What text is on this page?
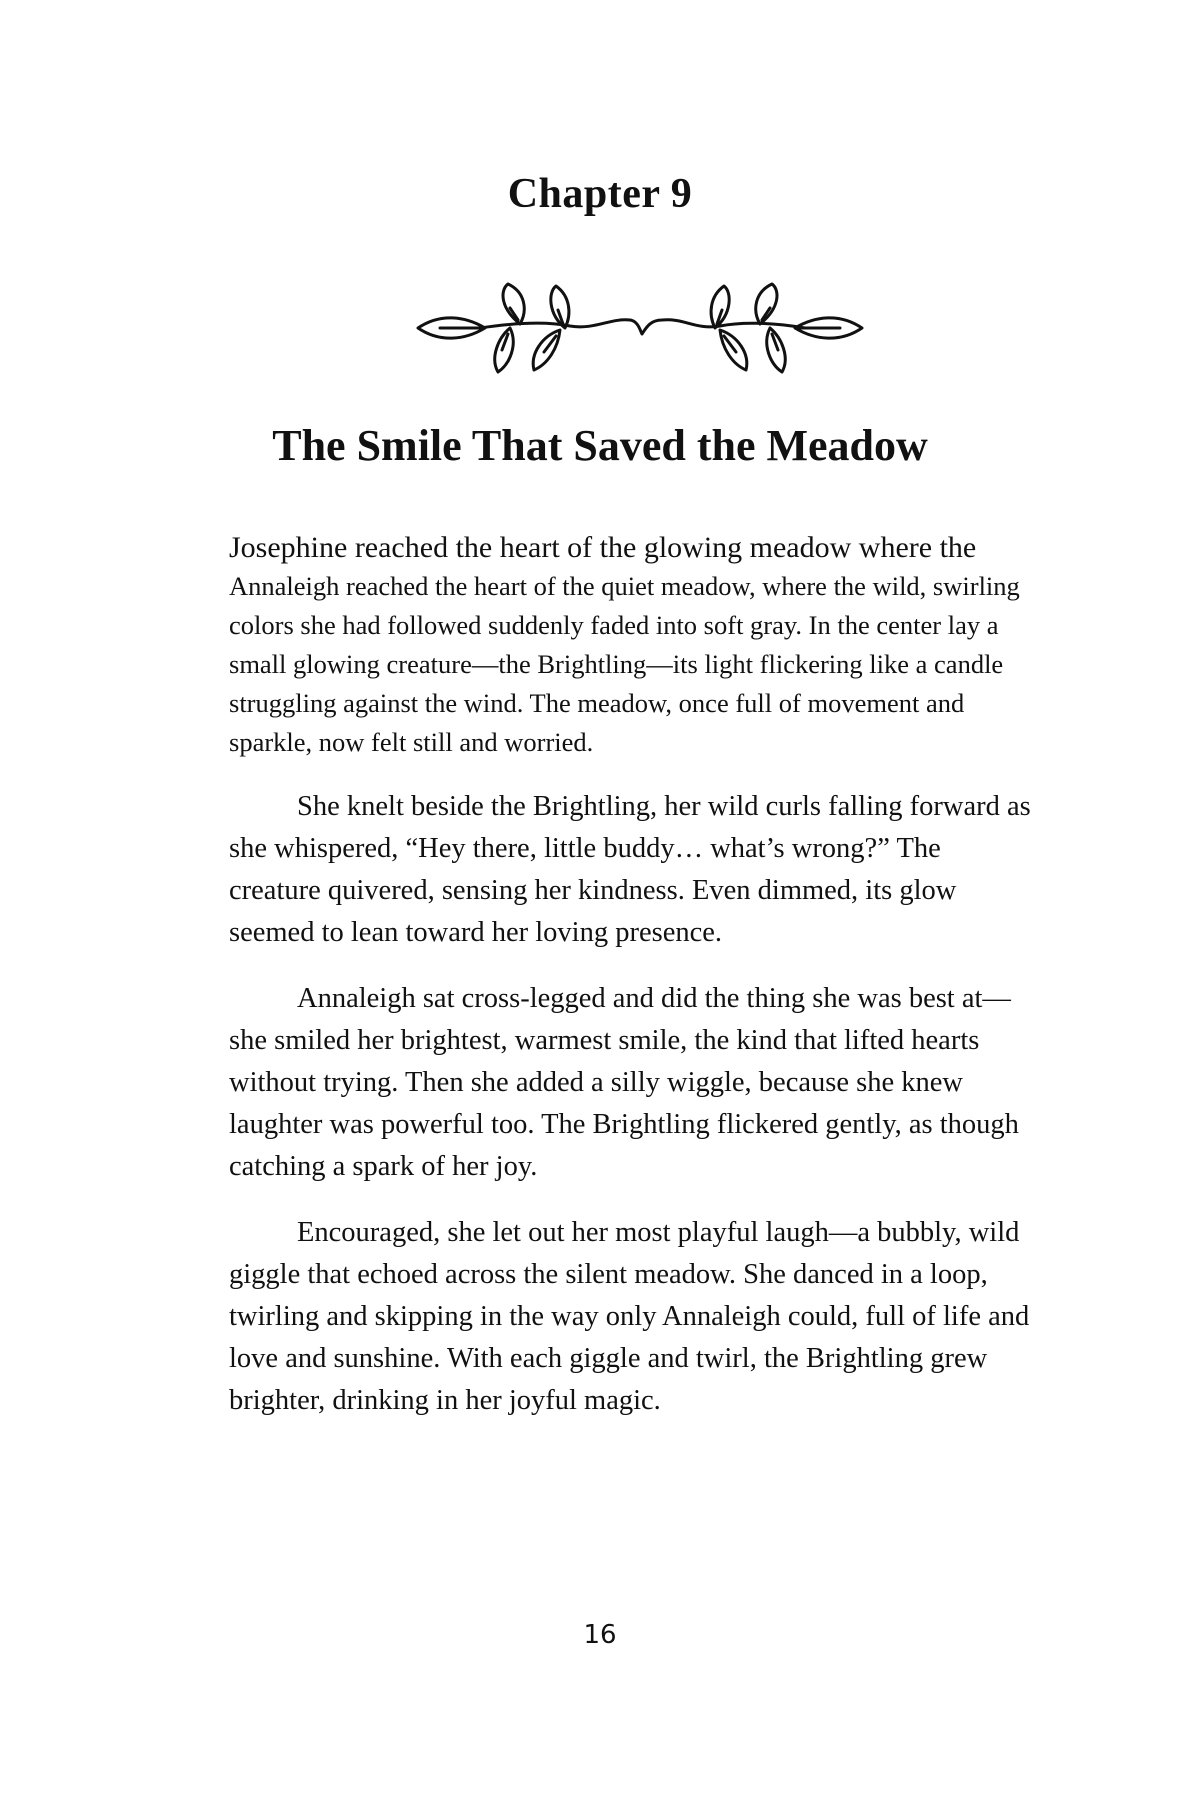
Chapter 9
The Smile That Saved the Meadow

Josephine reached the heart of the glowing meadow where the
Annaleigh reached the heart of the quiet meadow, where the wild, swirling colors she had followed suddenly faded into soft gray. In the center lay a small glowing creature—the Brightling—its light flickering like a candle struggling against the wind. The meadow, once full of movement and sparkle, now felt still and worried.

She knelt beside the Brightling, her wild curls falling forward as she whispered, “Hey there, little buddy… what’s wrong?” The creature quivered, sensing her kindness. Even dimmed, its glow seemed to lean toward her loving presence.

Annaleigh sat cross-legged and did the thing she was best at—she smiled her brightest, warmest smile, the kind that lifted hearts without trying. Then she added a silly wiggle, because she knew laughter was powerful too. The Brightling flickered gently, as though catching a spark of her joy.

Encouraged, she let out her most playful laugh—a bubbly, wild giggle that echoed across the silent meadow. She danced in a loop, twirling and skipping in the way only Annaleigh could, full of life and love and sunshine. With each giggle and twirl, the Brightling grew brighter, drinking in her joyful magic.

16
